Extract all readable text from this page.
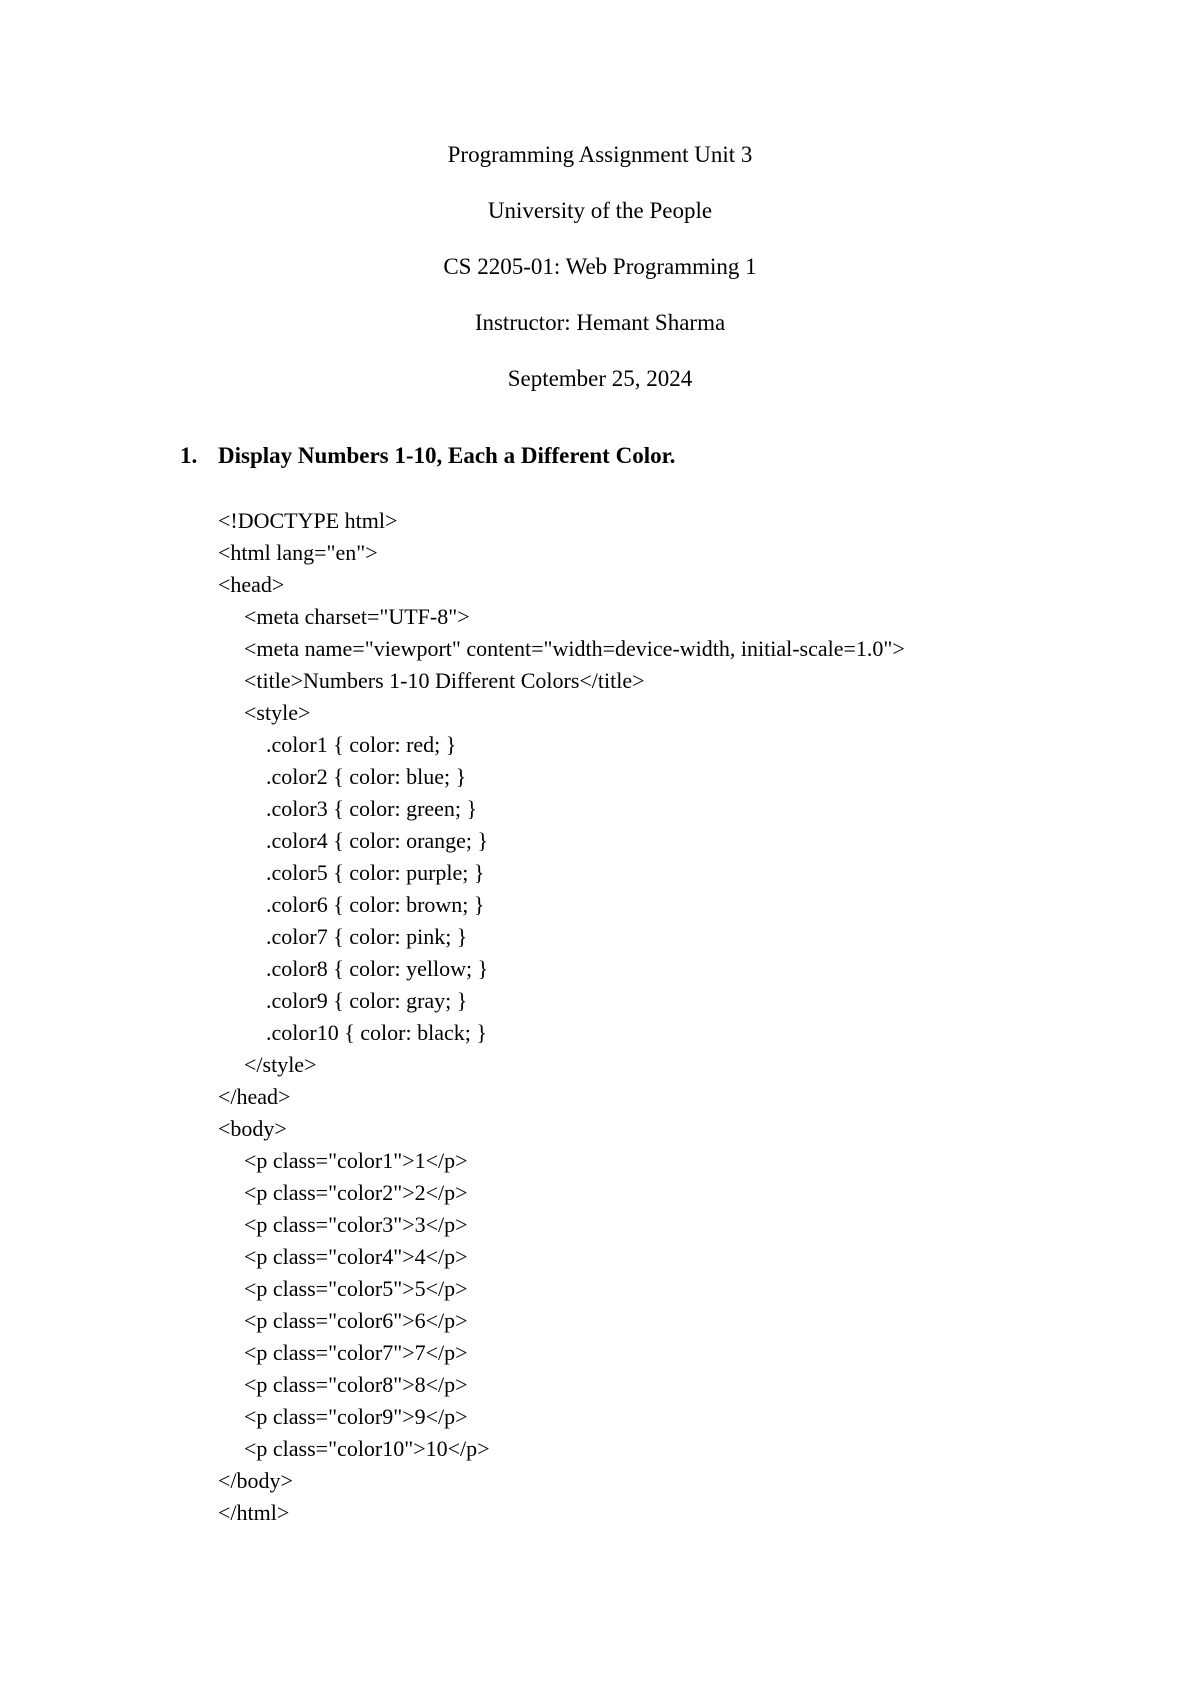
Programming Assignment Unit 3
University of the People
CS 2205-01: Web Programming 1
Instructor: Hemant Sharma
September 25, 2024
1. Display Numbers 1-10, Each a Different Color.
<!DOCTYPE html>
<html lang="en">
<head>
<meta charset="UTF-8">
<meta name="viewport" content="width=device-width, initial-scale=1.0">
<title>Numbers 1-10 Different Colors</title>
<style>
.color1 { color: red; }
.color2 { color: blue; }
.color3 { color: green; }
.color4 { color: orange; }
.color5 { color: purple; }
.color6 { color: brown; }
.color7 { color: pink; }
.color8 { color: yellow; }
.color9 { color: gray; }
.color10 { color: black; }
</style>
</head>
<body>
<p class="color1">1</p>
<p class="color2">2</p>
<p class="color3">3</p>
<p class="color4">4</p>
<p class="color5">5</p>
<p class="color6">6</p>
<p class="color7">7</p>
<p class="color8">8</p>
<p class="color9">9</p>
<p class="color10">10</p>
</body>
</html>
